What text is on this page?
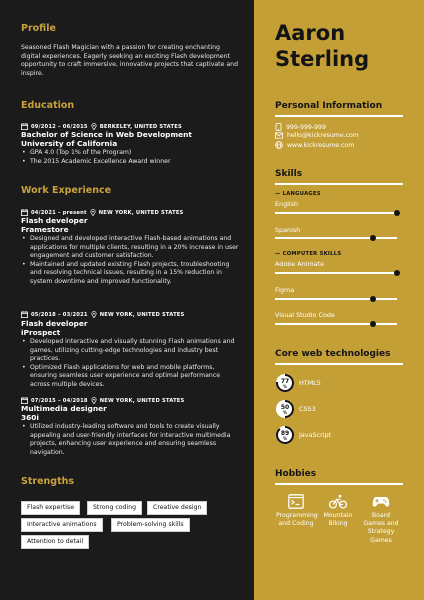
Profile
Seasoned Flash Magician with a passion for creating enchanting digital experiences. Eagerly seeking an exciting Flash development opportunity to craft immersive, innovative projects that captivate and inspire.
Education
09/2012 – 06/2015 BERKELEY, UNITED STATES
Bachelor of Science in Web Development
University of California
• GPA 4.0 (Top 1% of the Program)
• The 2015 Academic Excellence Award winner
Work Experience
04/2021 – present NEW YORK, UNITED STATES
Flash developer
Framestore
• Designed and developed interactive Flash-based animations and applications for multiple clients, resulting in a 20% increase in user engagement and customer satisfaction.
• Maintained and updated existing Flash projects, troubleshooting and resolving technical issues, resulting in a 15% reduction in system downtime and improved functionality.
05/2018 – 03/2021 NEW YORK, UNITED STATES
Flash developer
iProspect
• Developed interactive and visually stunning Flash animations and games, utilizing cutting-edge technologies and industry best practices.
• Optimized Flash applications for web and mobile platforms, ensuring seamless user experience and optimal performance across multiple devices.
07/2015 – 04/2018 NEW YORK, UNITED STATES
Multimedia designer
360i
• Utilized industry-leading software and tools to create visually appealing and user-friendly interfaces for interactive multimedia projects, enhancing user experience and ensuring seamless navigation.
Strengths
Flash expertise	Strong coding	Creative design
Interactive animations	Problem-solving skills
Attention to detail
Aaron
Sterling
Personal Information
999-999-999
hello@kickresume.com
www.kickresume.com
Skills
— LANGUAGES
English
Spanish
— COMPUTER SKILLS
Adobe Animate
Figma
Visual Studio Code
Core web technologies
77
% HTML5
50
% CSS3
89
% JavaScript
Hobbies
Programming and Coding
Mountain Biking
Board Games and Strategy Games
